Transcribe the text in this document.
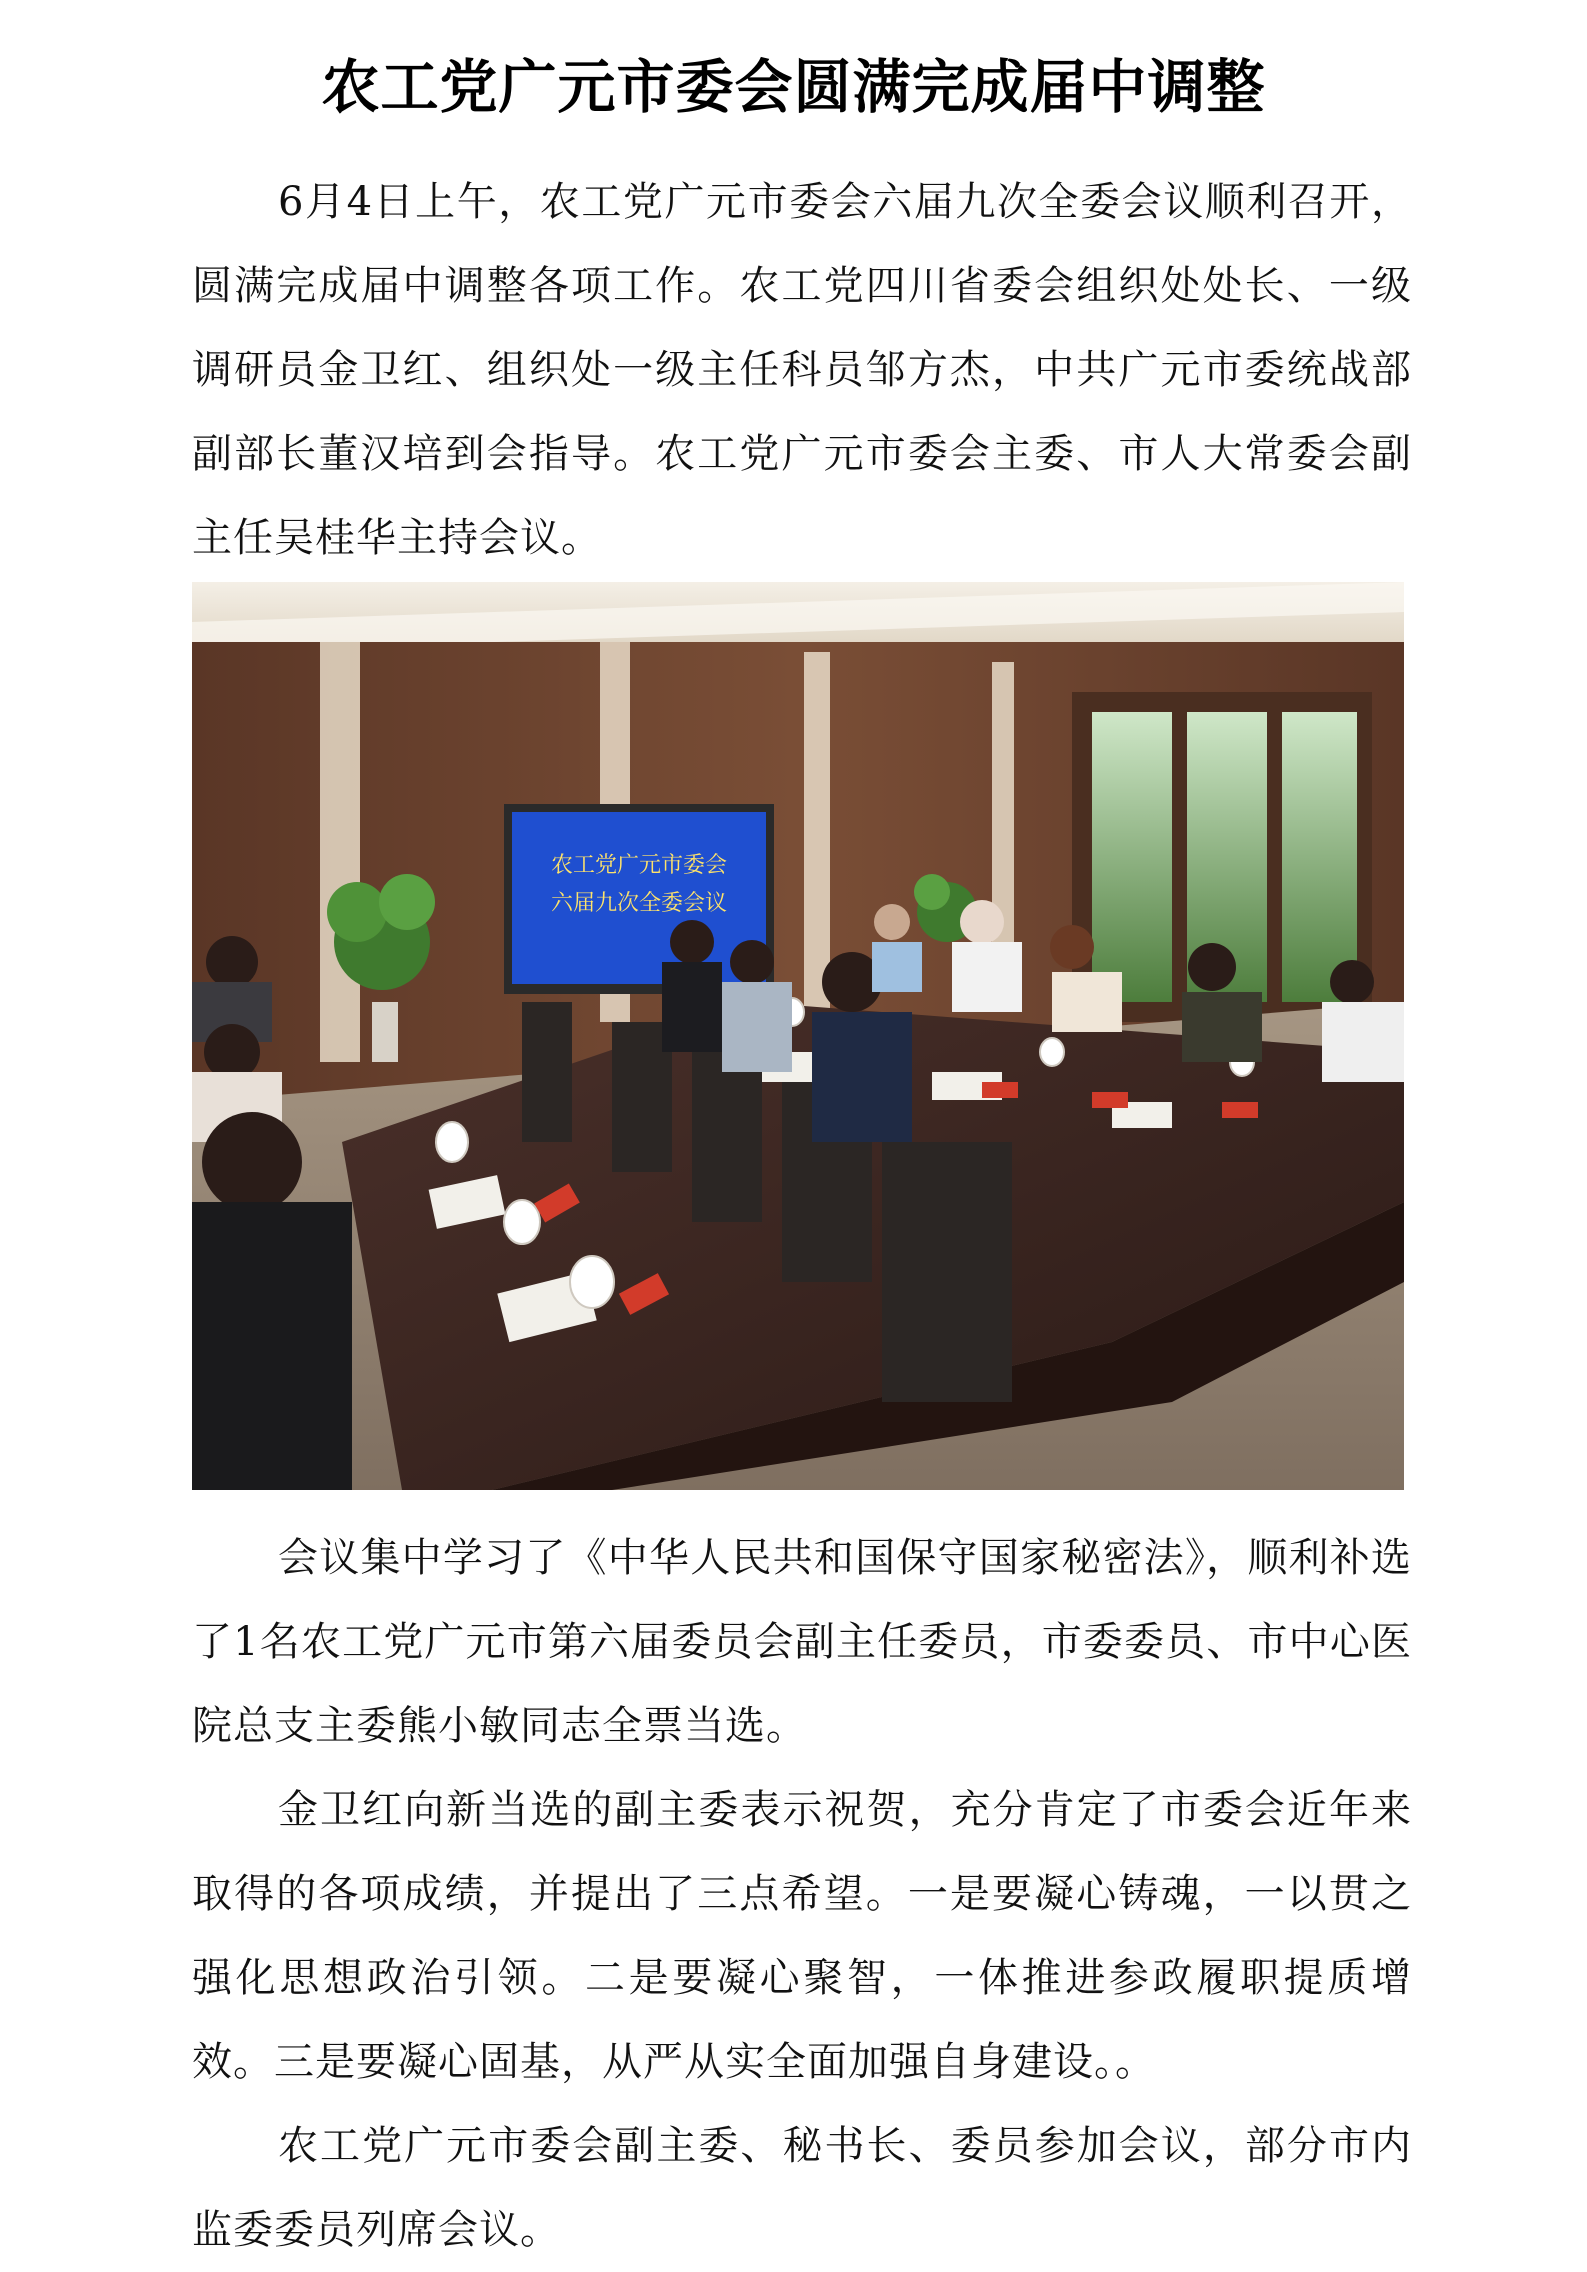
农工党广元市委会圆满完成届中调整

6月4日上午，农工党广元市委会六届九次全委会议顺利召开，圆满完成届中调整各项工作。农工党四川省委会组织处处长、一级调研员金卫红、组织处一级主任科员邹方杰，中共广元市委统战部副部长董汉培到会指导。农工党广元市委会主委、市人大常委会副主任吴桂华主持会议。

农工党广元市委会
六届九次全委会议

会议集中学习了《中华人民共和国保守国家秘密法》，顺利补选了1名农工党广元市第六届委员会副主任委员，市委委员、市中心医院总支主委熊小敏同志全票当选。

金卫红向新当选的副主委表示祝贺，充分肯定了市委会近年来取得的各项成绩，并提出了三点希望。一是要凝心铸魂，一以贯之强化思想政治引领。二是要凝心聚智，一体推进参政履职提质增效。三是要凝心固基，从严从实全面加强自身建设。。

农工党广元市委会副主委、秘书长、委员参加会议，部分市内监委委员列席会议。
